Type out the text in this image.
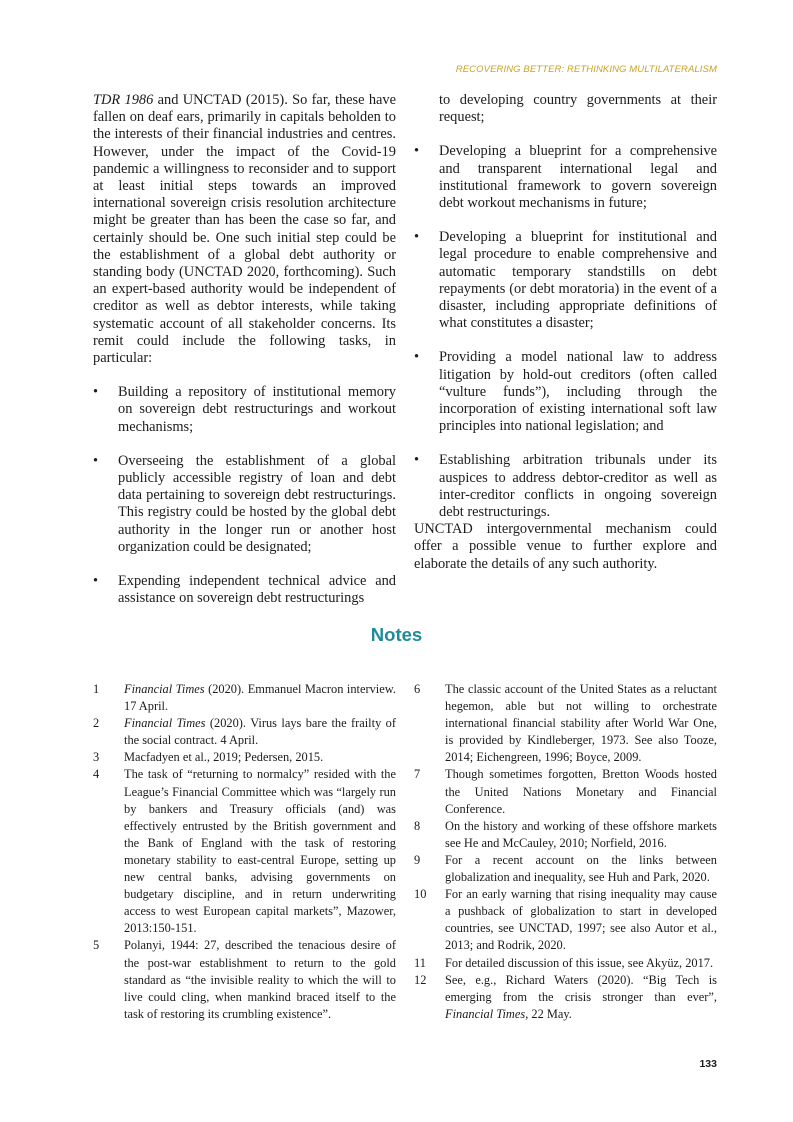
RECOVERING BETTER: RETHINKING MULTILATERALISM

TDR 1986 and UNCTAD (2015). So far, these have fallen on deaf ears, primarily in capitals beholden to the interests of their financial industries and centres. However, under the impact of the Covid-19 pandemic a willingness to reconsider and to support at least initial steps towards an improved international sovereign crisis resolution architecture might be greater than has been the case so far, and certainly should be. One such initial step could be the establishment of a global debt authority or standing body (UNCTAD 2020, forthcoming). Such an expert-based authority would be independent of creditor as well as debtor interests, while taking systematic account of all stakeholder concerns. Its remit could include the following tasks, in particular:

• Building a repository of institutional memory on sovereign debt restructurings and workout mechanisms;
• Overseeing the establishment of a global publicly accessible registry of loan and debt data pertaining to sovereign debt restructurings. This registry could be hosted by the global debt authority in the longer run or another host organization could be designated;
• Expending independent technical advice and assistance on sovereign debt restructurings
to developing country governments at their request;
• Developing a blueprint for a comprehensive and transparent international legal and institutional framework to govern sovereign debt workout mechanisms in future;
• Developing a blueprint for institutional and legal procedure to enable comprehensive and automatic temporary standstills on debt repayments (or debt moratoria) in the event of a disaster, including appropriate definitions of what constitutes a disaster;
• Providing a model national law to address litigation by hold-out creditors (often called “vulture funds”), including through the incorporation of existing international soft law principles into national legislation; and
• Establishing arbitration tribunals under its auspices to address debtor-creditor as well as inter-creditor conflicts in ongoing sovereign debt restructurings.

UNCTAD intergovernmental mechanism could offer a possible venue to further explore and elaborate the details of any such authority.

Notes
1 Financial Times (2020). Emmanuel Macron interview. 17 April.
2 Financial Times (2020). Virus lays bare the frailty of the social contract. 4 April.
3 Macfadyen et al., 2019; Pedersen, 2015.
4 The task of “returning to normalcy” resided with the League’s Financial Committee which was “largely run by bankers and Treasury officials (and) was effectively entrusted by the British government and the Bank of England with the task of restoring monetary stability to east-central Europe, setting up new central banks, advising governments on budgetary discipline, and in return underwriting access to west European capital markets”, Mazower, 2013:150-151.
5 Polanyi, 1944: 27, described the tenacious desire of the post-war establishment to return to the gold standard as “the invisible reality to which the will to live could cling, when mankind braced itself to the task of restoring its crumbling existence”.
6 The classic account of the United States as a reluctant hegemon, able but not willing to orchestrate international financial stability after World War One, is provided by Kindleberger, 1973. See also Tooze, 2014; Eichengreen, 1996; Boyce, 2009.
7 Though sometimes forgotten, Bretton Woods hosted the United Nations Monetary and Financial Conference.
8 On the history and working of these offshore markets see He and McCauley, 2010; Norfield, 2016.
9 For a recent account on the links between globalization and inequality, see Huh and Park, 2020.
10 For an early warning that rising inequality may cause a pushback of globalization to start in developed countries, see UNCTAD, 1997; see also Autor et al., 2013; and Rodrik, 2020.
11 For detailed discussion of this issue, see Akyüz, 2017.
12 See, e.g., Richard Waters (2020). “Big Tech is emerging from the crisis stronger than ever”, Financial Times, 22 May.
133
